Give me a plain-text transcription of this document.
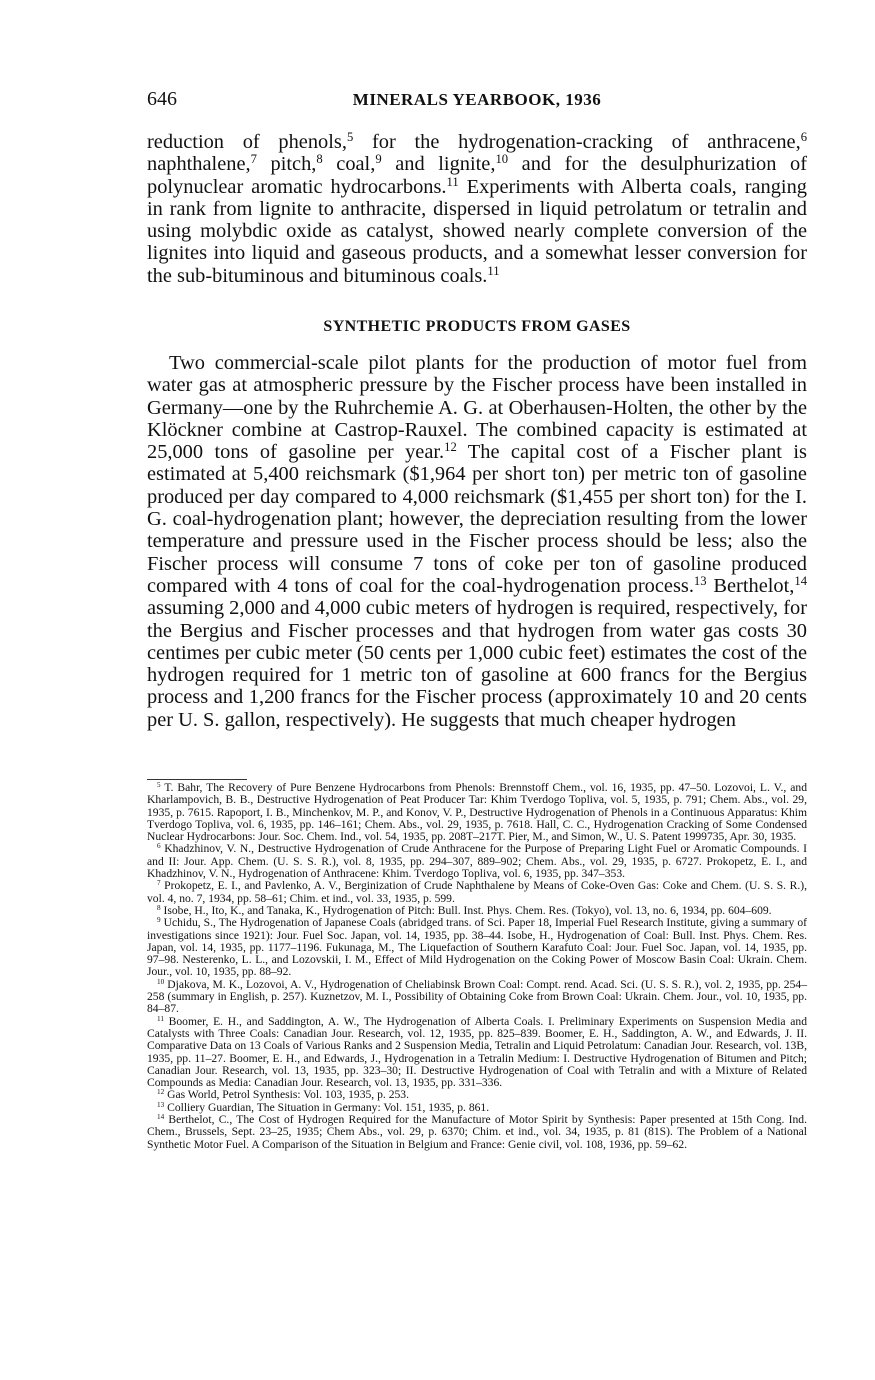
646	MINERALS YEARBOOK, 1936

reduction of phenols,$^5$ for the hydrogenation-cracking of anthracene,$^6$ naphthalene,$^7$ pitch,$^8$ coal,$^9$ and lignite,$^{10}$ and for the desulphurization of polynuclear aromatic hydrocarbons.$^{11}$ Experiments with Alberta coals, ranging in rank from lignite to anthracite, dispersed in liquid petrolatum or tetralin and using molybdic oxide as catalyst, showed nearly complete conversion of the lignites into liquid and gaseous products, and a somewhat lesser conversion for the sub-bituminous and bituminous coals.$^{11}$

SYNTHETIC PRODUCTS FROM GASES

Two commercial-scale pilot plants for the production of motor fuel from water gas at atmospheric pressure by the Fischer process have been installed in Germany—one by the Ruhrchemie A. G. at Oberhausen-Holten, the other by the Klöckner combine at Castrop-Rauxel. The combined capacity is estimated at 25,000 tons of gasoline per year.$^{12}$ The capital cost of a Fischer plant is estimated at 5,400 reichsmark ($1,964 per short ton) per metric ton of gasoline produced per day compared to 4,000 reichsmark ($1,455 per short ton) for the I. G. coal-hydrogenation plant; however, the depreciation resulting from the lower temperature and pressure used in the Fischer process should be less; also the Fischer process will consume 7 tons of coke per ton of gasoline produced compared with 4 tons of coal for the coal-hydrogenation process.$^{13}$ Berthelot,$^{14}$ assuming 2,000 and 4,000 cubic meters of hydrogen is required, respectively, for the Bergius and Fischer processes and that hydrogen from water gas costs 30 centimes per cubic meter (50 cents per 1,000 cubic feet) estimates the cost of the hydrogen required for 1 metric ton of gasoline at 600 francs for the Bergius process and 1,200 francs for the Fischer process (approximately 10 and 20 cents per U. S. gallon, respectively). He suggests that much cheaper hydrogen

$^5$ T. Bahr, The Recovery of Pure Benzene Hydrocarbons from Phenols: Brennstoff Chem., vol. 16, 1935, pp. 47–50. Lozovoi, L. V., and Kharlampovich, B. B., Destructive Hydrogenation of Peat Producer Tar: Khim Tverdogo Topliva, vol. 5, 1935, p. 791; Chem. Abs., vol. 29, 1935, p. 7615. Rapoport, I. B., Minchenkov, M. P., and Konov, V. P., Destructive Hydrogenation of Phenols in a Continuous Apparatus: Khim Tverdogo Topliva, vol. 6, 1935, pp. 146–161; Chem. Abs., vol. 29, 1935, p. 7618. Hall, C. C., Hydrogenation Cracking of Some Condensed Nuclear Hydrocarbons: Jour. Soc. Chem. Ind., vol. 54, 1935, pp. 208T–217T. Pier, M., and Simon, W., U. S. Patent 1999735, Apr. 30, 1935.

$^6$ Khadzhinov, V. N., Destructive Hydrogenation of Crude Anthracene for the Purpose of Preparing Light Fuel or Aromatic Compounds. I and II: Jour. App. Chem. (U. S. S. R.), vol. 8, 1935, pp. 294–307, 889–902; Chem. Abs., vol. 29, 1935, p. 6727. Prokopetz, E. I., and Khadzhinov, V. N., Hydrogenation of Anthracene: Khim. Tverdogo Topliva, vol. 6, 1935, pp. 347–353.

$^7$ Prokopetz, E. I., and Pavlenko, A. V., Berginization of Crude Naphthalene by Means of Coke-Oven Gas: Coke and Chem. (U. S. S. R.), vol. 4, no. 7, 1934, pp. 58–61; Chim. et ind., vol. 33, 1935, p. 599.

$^8$ Isobe, H., Ito, K., and Tanaka, K., Hydrogenation of Pitch: Bull. Inst. Phys. Chem. Res. (Tokyo), vol. 13, no. 6, 1934, pp. 604–609.

$^9$ Uchidu, S., The Hydrogenation of Japanese Coals (abridged trans. of Sci. Paper 18, Imperial Fuel Research Institute, giving a summary of investigations since 1921): Jour. Fuel Soc. Japan, vol. 14, 1935, pp. 38–44. Isobe, H., Hydrogenation of Coal: Bull. Inst. Phys. Chem. Res. Japan, vol. 14, 1935, pp. 1177–1196. Fukunaga, M., The Liquefaction of Southern Karafuto Coal: Jour. Fuel Soc. Japan, vol. 14, 1935, pp. 97–98. Nesterenko, L. L., and Lozovskii, I. M., Effect of Mild Hydrogenation on the Coking Power of Moscow Basin Coal: Ukrain. Chem. Jour., vol. 10, 1935, pp. 88–92.

$^{10}$ Djakova, M. K., Lozovoi, A. V., Hydrogenation of Cheliabinsk Brown Coal: Compt. rend. Acad. Sci. (U. S. S. R.), vol. 2, 1935, pp. 254–258 (summary in English, p. 257). Kuznetzov, M. I., Possibility of Obtaining Coke from Brown Coal: Ukrain. Chem. Jour., vol. 10, 1935, pp. 84–87.

$^{11}$ Boomer, E. H., and Saddington, A. W., The Hydrogenation of Alberta Coals. I. Preliminary Experiments on Suspension Media and Catalysts with Three Coals: Canadian Jour. Research, vol. 12, 1935, pp. 825–839. Boomer, E. H., Saddington, A. W., and Edwards, J. II. Comparative Data on 13 Coals of Various Ranks and 2 Suspension Media, Tetralin and Liquid Petrolatum: Canadian Jour. Research, vol. 13B, 1935, pp. 11–27. Boomer, E. H., and Edwards, J., Hydrogenation in a Tetralin Medium: I. Destructive Hydrogenation of Bitumen and Pitch; Canadian Jour. Research, vol. 13, 1935, pp. 323–30; II. Destructive Hydrogenation of Coal with Tetralin and with a Mixture of Related Compounds as Media: Canadian Jour. Research, vol. 13, 1935, pp. 331–336.

$^{12}$ Gas World, Petrol Synthesis: Vol. 103, 1935, p. 253.

$^{13}$ Colliery Guardian, The Situation in Germany: Vol. 151, 1935, p. 861.

$^{14}$ Berthelot, C., The Cost of Hydrogen Required for the Manufacture of Motor Spirit by Synthesis: Paper presented at 15th Cong. Ind. Chem., Brussels, Sept. 23–25, 1935; Chem Abs., vol. 29, p. 6370; Chim. et ind., vol. 34, 1935, p. 81 (81S). The Problem of a National Synthetic Motor Fuel. A Comparison of the Situation in Belgium and France: Genie civil, vol. 108, 1936, pp. 59–62.
